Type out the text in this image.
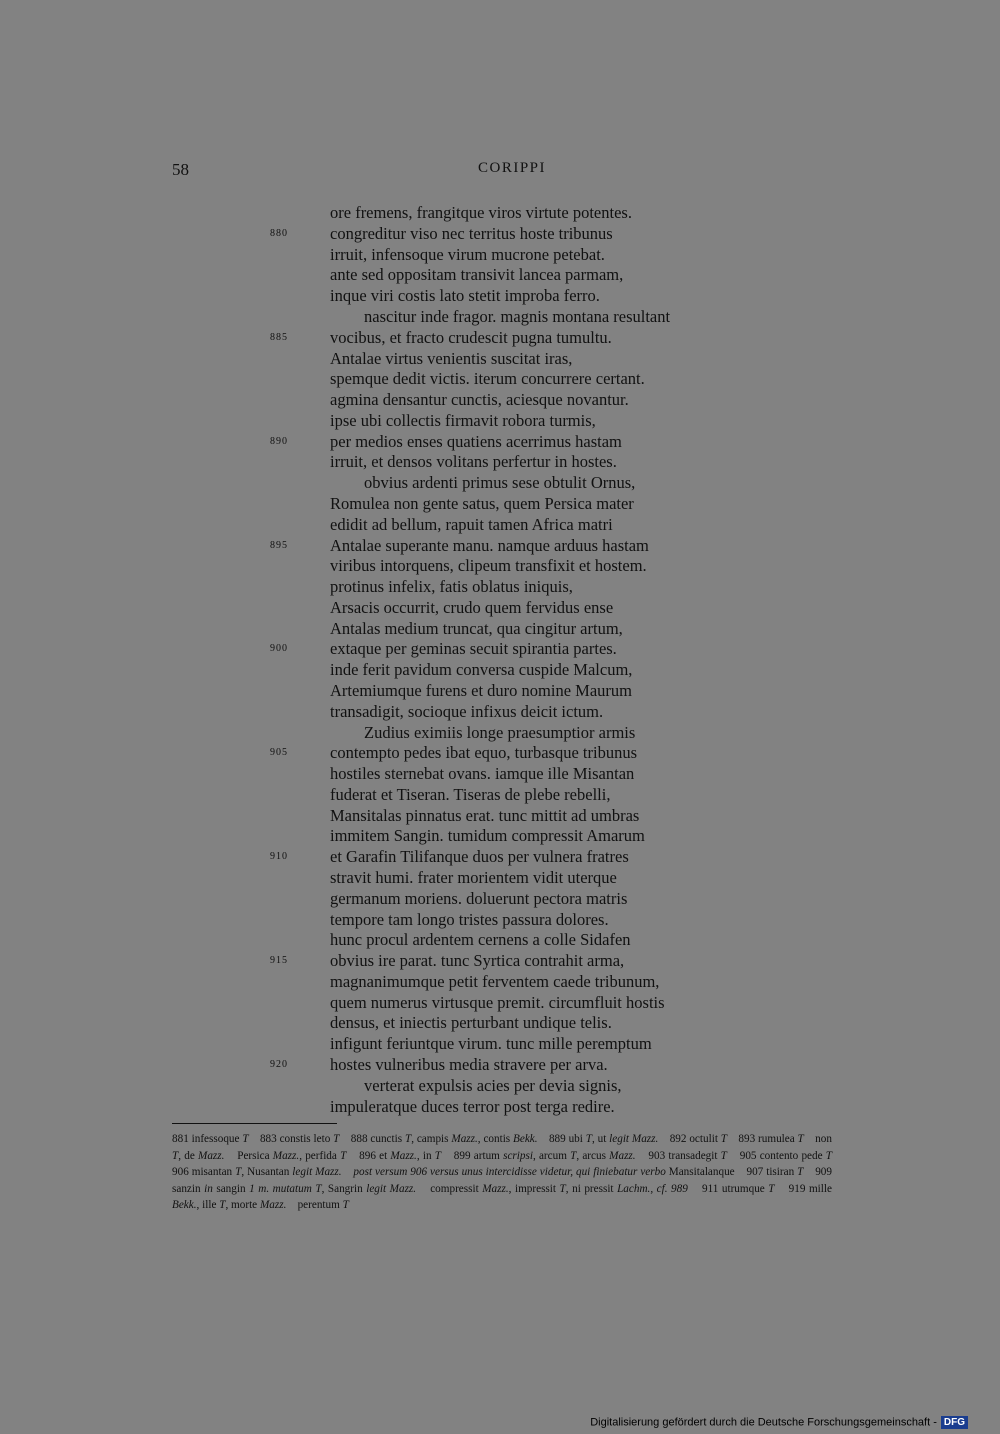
58	CORIPPI
ore fremens, frangitque viros virtute potentes.
congreditur viso nec territus hoste tribunus
880
irruit, infensoque virum mucrone petebat.
ante sed oppositam transivit lancea parmam,
inque viri costis lato stetit improba ferro.
nascitur inde fragor. magnis montana resultant
vocibus, et fracto crudescit pugna tumultu.
885
Antalae virtus venientis suscitat iras,
spemque dedit victis. iterum concurrere certant.
agmina densantur cunctis, aciesque novantur.
ipse ubi collectis firmavit robora turmis,
per medios enses quatiens acerrimus hastam
890
irruit, et densos volitans perfertur in hostes.
obvius ardenti primus sese obtulit Ornus,
Romulea non gente satus, quem Persica mater
edidit ad bellum, rapuit tamen Africa matri
Antalae superante manu. namque arduus hastam
895
viribus intorquens, clipeum transfixit et hostem.
protinus infelix, fatis oblatus iniquis,
Arsacis occurrit, crudo quem fervidus ense
Antalas medium truncat, qua cingitur artum,
extaque per geminas secuit spirantia partes.
900
inde ferit pavidum conversa cuspide Malcum,
Artemiumque furens et duro nomine Maurum
transadigit, socioque infixus deicit ictum.
Zudius eximiis longe praesumptior armis
contempto pedes ibat equo, turbasque tribunus
905
hostiles sternebat ovans. iamque ille Misantan
fuderat et Tiseran. Tiseras de plebe rebelli,
Mansitalas pinnatus erat. tunc mittit ad umbras
immitem Sangin. tumidum compressit Amarum
et Garafin Tilifanque duos per vulnera fratres
910
stravit humi. frater morientem vidit uterque
germanum moriens. doluerunt pectora matris
tempore tam longo tristes passura dolores.
hunc procul ardentem cernens a colle Sidafen
obvius ire parat. tunc Syrtica contrahit arma,
915
magnanimumque petit ferventem caede tribunum,
quem numerus virtusque premit. circumfluit hostis
densus, et iniectis perturbant undique telis.
infigunt feriuntque virum. tunc mille peremptum
hostes vulneribus media stravere per arva.
920
verterat expulsis acies per devia signis,
impuleratque duces terror post terga redire.
881 infessoque T    883 constis leto T    888 cunctis T, campis Mazz., contis Bekk.    889 ubi T, ut legit Mazz.    892 octulit T    893 rumulea T    non T, de Mazz.    Persica Mazz., perfida T    896 et Mazz., in T    899 artum scripsi, arcum T, arcus Mazz.    903 transadegit T    905 contento pede T    906 misantan T, Nusantan legit Mazz. post versum 906 versus unus intercidisse videtur, qui finiebatur verbo Mansitalanque    907 tisiran T    909 sanzin in sangin 1 m. mutatum T, Sangrin legit Mazz.    compressit Mazz., impressit T, ni pressit Lachm., cf. 989    911 utrumque T    919 mille Bekk., ille T, morte Mazz.    perentum T
Digitalisierung gefördert durch die Deutsche Forschungsgemeinschaft - DFG
